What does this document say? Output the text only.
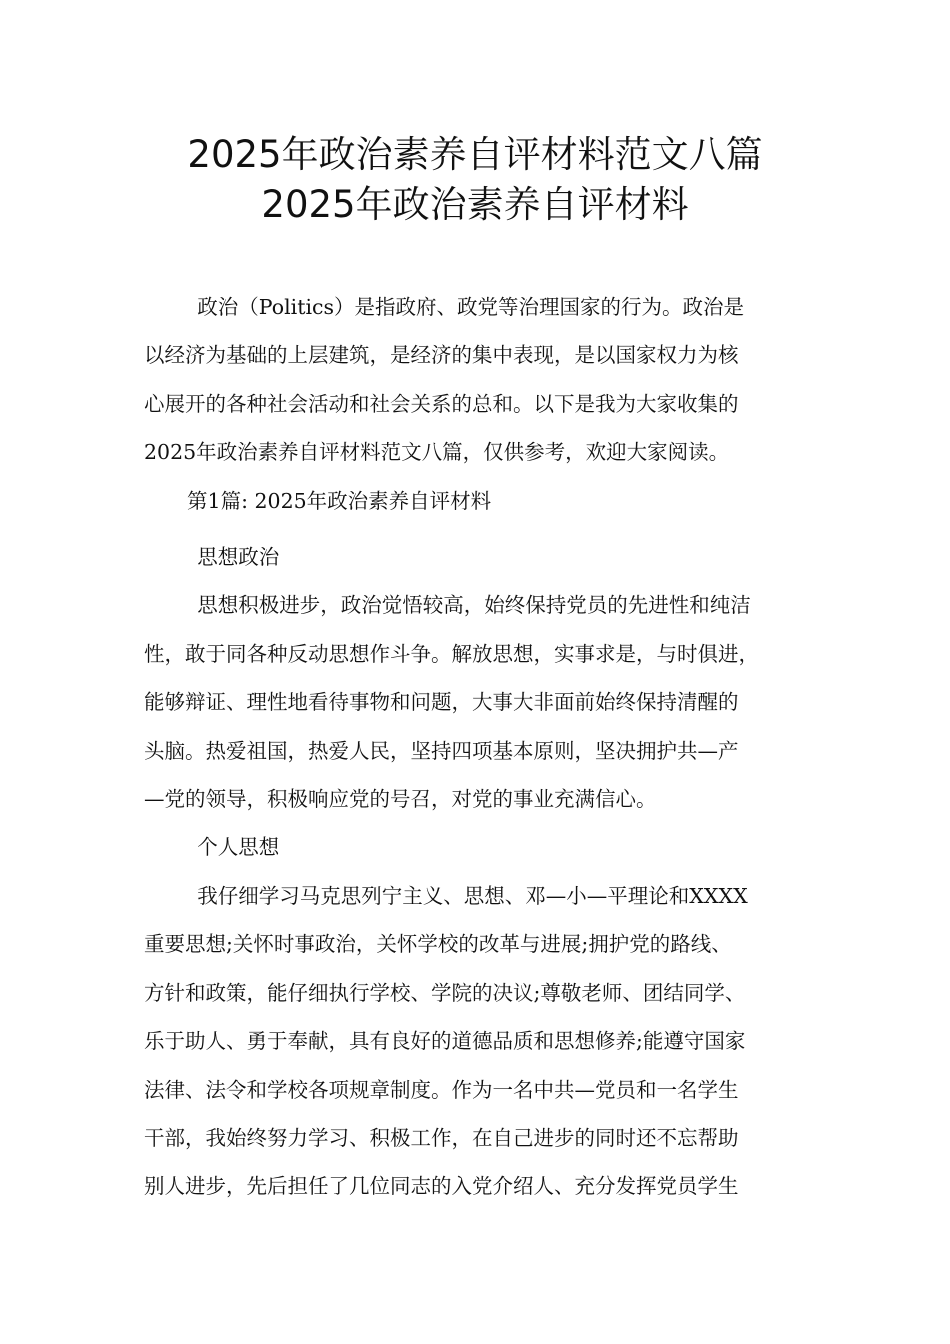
2025年政治素养自评材料范文八篇
2025年政治素养自评材料
政治（Politics）是指政府、政党等治理国家的行为。政治是
以经济为基础的上层建筑，是经济的集中表现，是以国家权力为核
心展开的各种社会活动和社会关系的总和。以下是我为大家收集的
2025年政治素养自评材料范文八篇，仅供参考，欢迎大家阅读。
第1篇: 2025年政治素养自评材料
思想政治
思想积极进步，政治觉悟较高，始终保持党员的先进性和纯洁
性，敢于同各种反动思想作斗争。解放思想，实事求是，与时俱进，
能够辩证、理性地看待事物和问题，大事大非面前始终保持清醒的
头脑。热爱祖国，热爱人民，坚持四项基本原则，坚决拥护共—产
—党的领导，积极响应党的号召，对党的事业充满信心。
个人思想
我仔细学习马克思列宁主义、思想、邓—小—平理论和XXXX
重要思想;关怀时事政治，关怀学校的改革与进展;拥护党的路线、
方针和政策，能仔细执行学校、学院的决议;尊敬老师、团结同学、
乐于助人、勇于奉献，具有良好的道德品质和思想修养;能遵守国家
法律、法令和学校各项规章制度。作为一名中共—党员和一名学生
干部，我始终努力学习、积极工作，在自己进步的同时还不忘帮助
别人进步，先后担任了几位同志的入党介绍人、充分发挥党员学生
